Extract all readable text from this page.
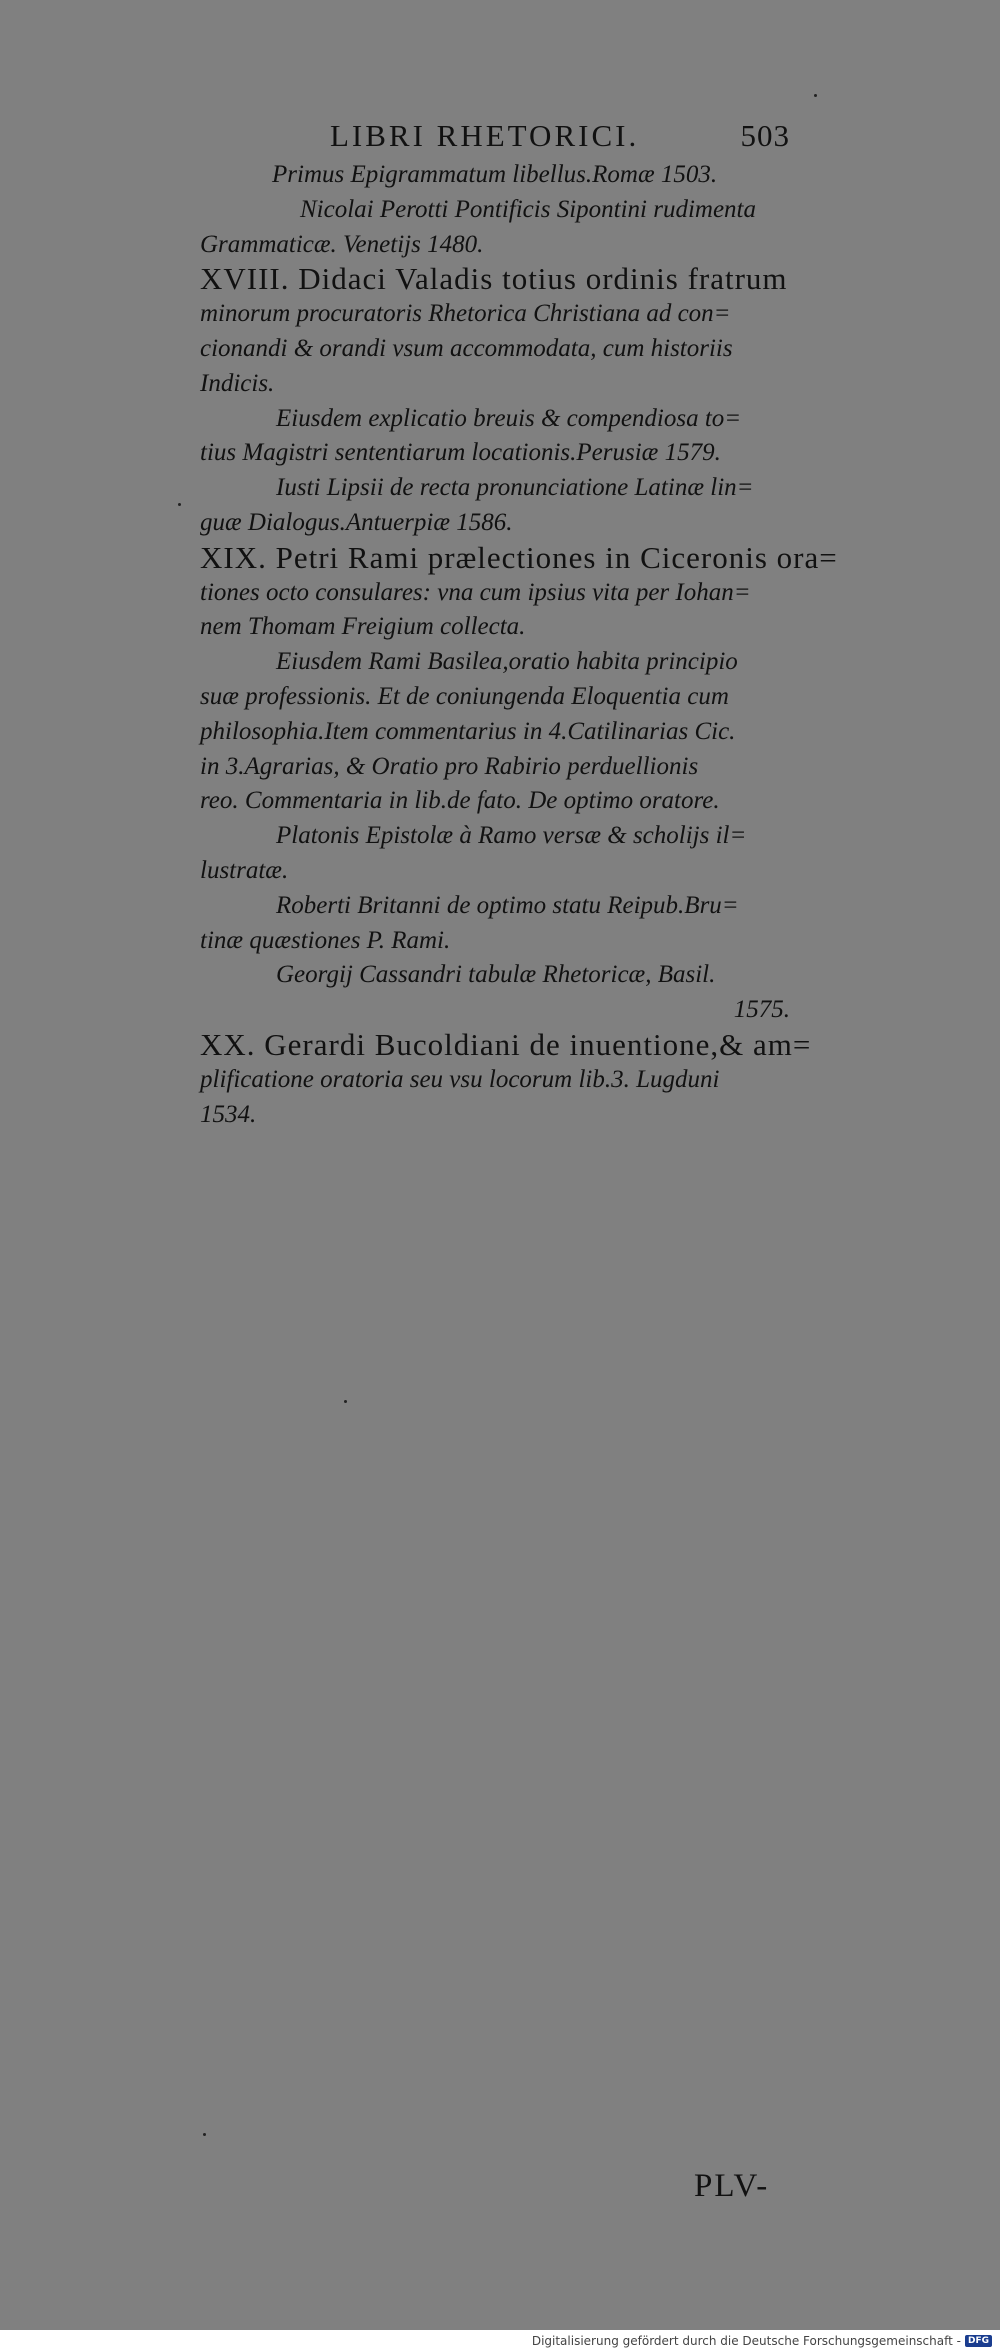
LIBRI RHETORICI.	503
Primus Epigrammatum libellus.Romæ 1503.
Nicolai Perotti Pontificis Sipontini rudimenta
Grammaticæ. Venetijs 1480.
XVIII. Didaci Valadis totius ordinis fratrum
minorum procuratoris Rhetorica Christiana ad con=
cionandi & orandi vsum accommodata, cum historiis
Indicis.
Eiusdem explicatio breuis & compendiosa to=
tius Magistri sententiarum locationis.Perusiæ 1579.
Iusti Lipsii de recta pronunciatione Latinæ lin=
guæ Dialogus.Antuerpiæ 1586.
XIX. Petri Rami prælectiones in Ciceronis ora=
tiones octo consulares: vna cum ipsius vita per Iohan=
nem Thomam Freigium collecta.
Eiusdem Rami Basilea,oratio habita principio
suæ professionis. Et de coniungenda Eloquentia cum
philosophia.Item commentarius in 4.Catilinarias Cic.
in 3.Agrarias, & Oratio pro Rabirio perduellionis
reo. Commentaria in lib.de fato. De optimo oratore.
Platonis Epistolæ à Ramo versæ & scholijs il=
lustratæ.
Roberti Britanni de optimo statu Reipub.Bru=
tinæ quæstiones P. Rami.
Georgij Cassandri tabulæ Rhetoricæ, Basil.
1575.
XX. Gerardi Bucoldiani de inuentione,& am=
plificatione oratoria seu vsu locorum lib.3. Lugduni
1534.
PLV-
Digitalisierung gefördert durch die Deutsche Forschungsgemeinschaft - DFG
